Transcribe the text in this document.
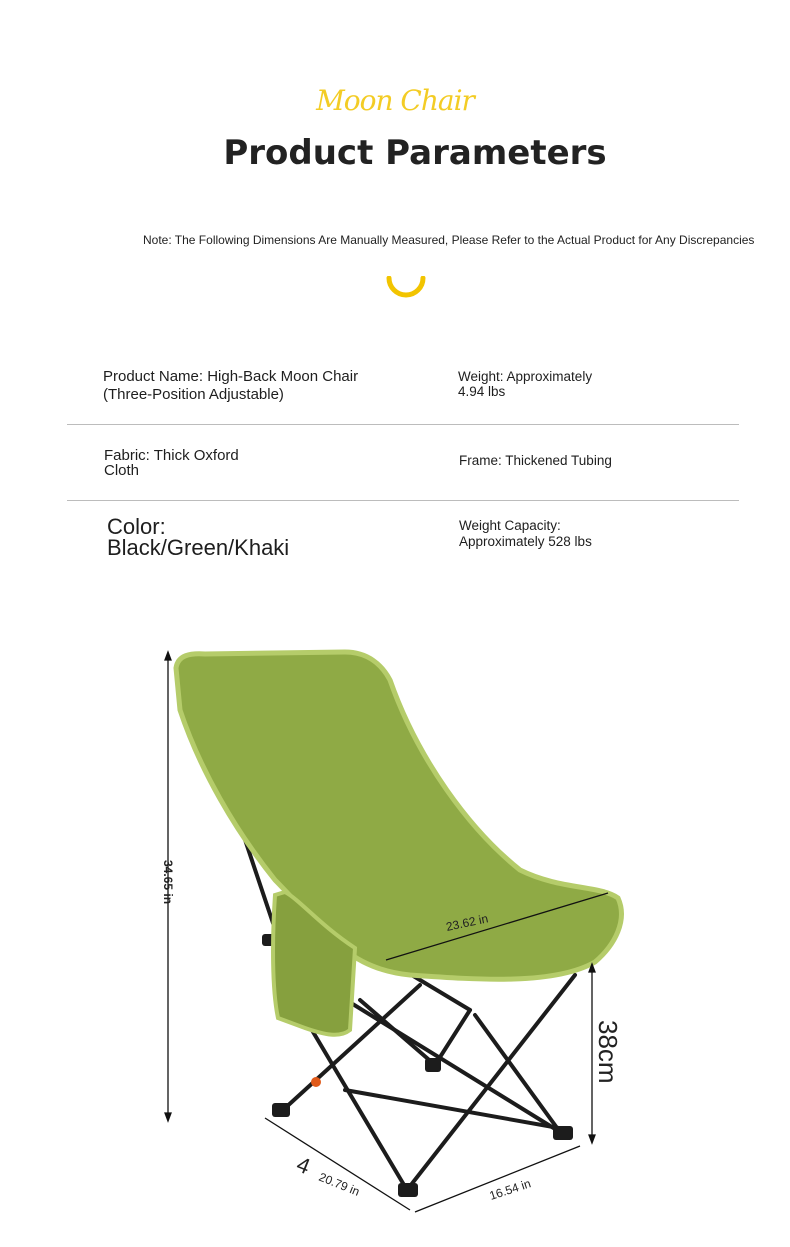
Moon Chair
Product Parameters
Note: The Following Dimensions Are Manually Measured, Please Refer to the Actual Product for Any Discrepancies
Product Name: High-Back Moon Chair
(Three-Position Adjustable)
Weight: Approximately
4.94 lbs
Fabric: Thick Oxford
Cloth
Frame: Thickened Tubing
Color:
Black/Green/Khaki
Weight Capacity:
Approximately 528 lbs
34.65 in
23.62 in
38cm
4
20.79 in	16.54 in
